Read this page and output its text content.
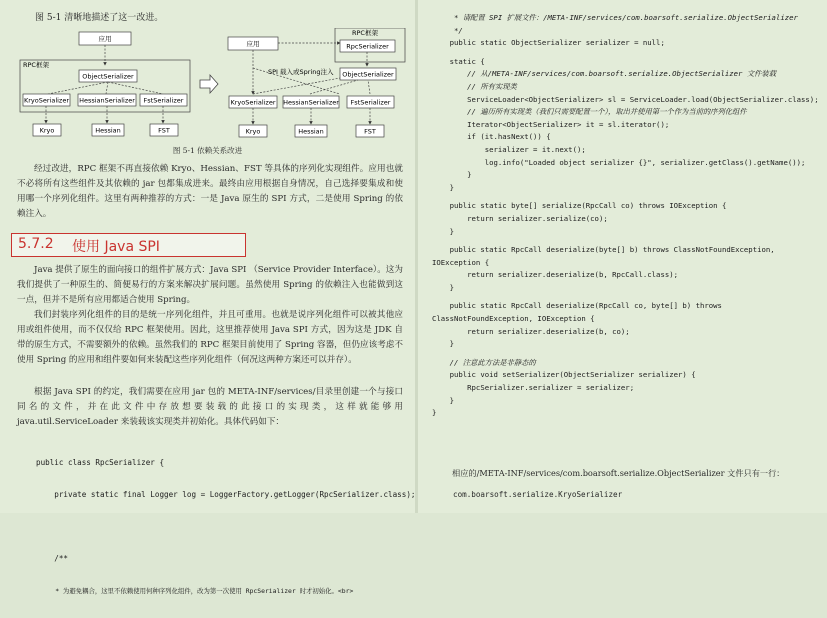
图 5-1 清晰地描述了这一改进。
应用
RPC框架
ObjectSerializer
KryoSerializer HessianSerializer FstSerializer
Kryo	Hessian	FST
应用
RPC框架
RpcSerializer
SPI 载入或Spring注入 ObjectSerializer
KryoSerializer HessianSerializer FstSerializer
Kryo	Hessian	FST
图 5-1 依赖关系改进
经过改进，RPC 框架不再直接依赖 Kryo、Hessian、FST 等具体的序列化实现组件。应用也就不必将所有这些组件及其依赖的 jar 包都集成进来。最终由应用根据自身情况，自己选择要集成和使用哪一个序列化组件。这里有两种推荐的方式：一是 Java 原生的 SPI 方式，二是使用 Spring 的依赖注入。
5.7.2 使用 Java SPI
Java 提供了原生的面向接口的组件扩展方式：Java SPI （Service Provider Interface）。这为我们提供了一种原生的、简便易行的方案来解决扩展问题。虽然使用 Spring 的依赖注入也能做到这一点，但并不是所有应用都适合使用 Spring。
我们封装序列化组件的目的是统一序列化组件，并且可重用。也就是说序列化组件可以被其他应用或组件使用，而不仅仅给 RPC 框架使用。因此，这里推荐使用 Java SPI 方式，因为这是 JDK 自带的原生方式，不需要额外的依赖。虽然我们的 RPC 框架目前使用了 Spring 容器，但仍应该考虑不使用 Spring 的应用和组件要如何来装配这些序列化组件（何况这两种方案还可以并存）。
根据 Java SPI 的约定，我们需要在应用 jar 包的 META-INF/services/目录里创建一个与接口同名的文件，并在此文件中存放想要装载的此接口的实现类，这样就能够用 java.util.ServiceLoader 来装载该实现类并初始化。具体代码如下：

public class RpcSerializer {

private static final Logger log = LoggerFactory.getLogger(RpcSerializer.class);

/**

* 为避免耦合，这里不依赖使用何种序列化组件，改为第一次使用 RpcSerializer 时才初始化。<br>

* 请配置 SPI 扩展文件：/META-INF/services/com.boarsoft.serialize.ObjectSerializer
*/
public static ObjectSerializer serializer = null;
static {
// 从/META-INF/services/com.boarsoft.serialize.ObjectSerializer 文件装载
// 所有实现类
ServiceLoader<ObjectSerializer> sl = ServiceLoader.load(ObjectSerializer.class);
// 遍历所有实现类（我们只需要配置一个），取出并使用第一个作为当前的序列化组件
Iterator<ObjectSerializer> it = sl.iterator();
if (it.hasNext()) {
serializer = it.next();
log.info("Loaded object serializer {}", serializer.getClass().getName());
}
}
public static byte[] serialize(RpcCall co) throws IOException {
return serializer.serialize(co);
}
public static RpcCall deserialize(byte[] b) throws ClassNotFoundException,
IOException {
return serializer.deserialize(b, RpcCall.class);
}
public static RpcCall deserialize(RpcCall co, byte[] b) throws
ClassNotFoundException, IOException {
return serializer.deserialize(b, co);
}
// 注意此方法是非静态的
public void setSerializer(ObjectSerializer serializer) {
RpcSerializer.serializer = serializer;
}
}
相应的/META-INF/services/com.boarsoft.serialize.ObjectSerializer 文件只有一行：
com.boarsoft.serialize.KryoSerializer
